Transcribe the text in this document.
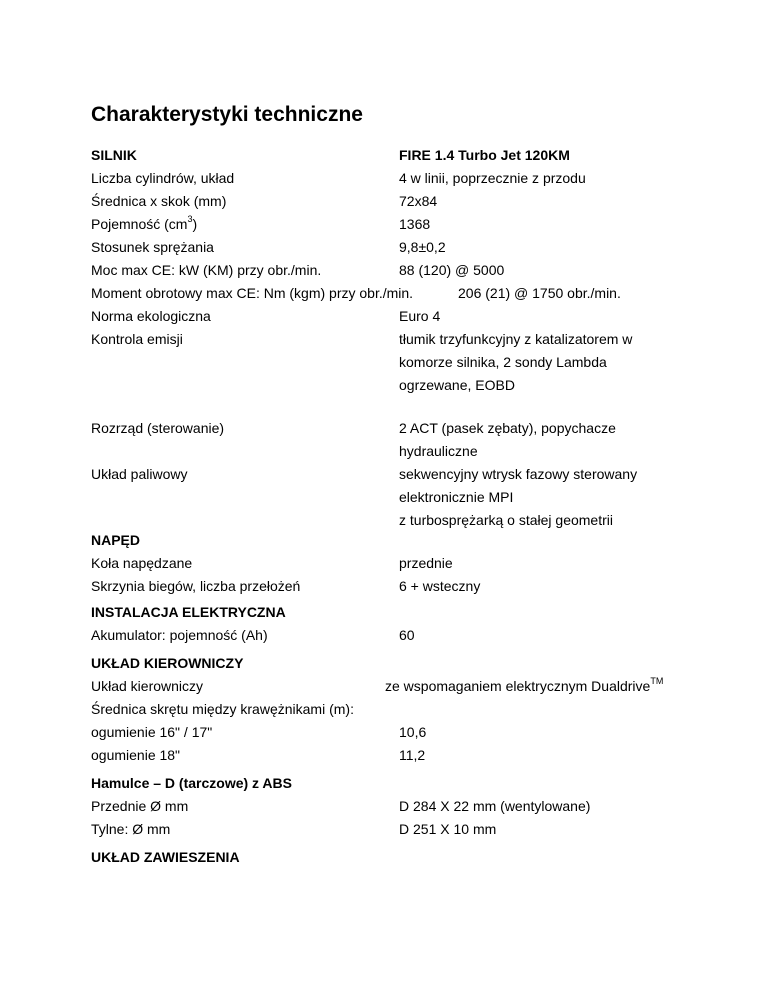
Charakterystyki techniczne
SILNIK	FIRE 1.4 Turbo Jet 120KM
Liczba cylindrów, układ	4 w linii, poprzecznie z przodu
Średnica x skok (mm)	72x84
Pojemność $(cm^3)$	1368
Stosunek sprężania	9,8±0,2
Moc max CE: kW (KM) przy obr./min.	88 (120) @ 5000
Moment obrotowy max CE: Nm (kgm) przy obr./min.	206 (21) @ 1750 obr./min.
Norma ekologiczna	Euro 4
Kontrola emisji	tłumik trzyfunkcyjny z katalizatorem w
komorze silnika, 2 sondy Lambda
ogrzewane, EOBD
Rozrząd (sterowanie)	2 ACT (pasek zębaty), popychacze
hydrauliczne
Układ paliwowy	sekwencyjny wtrysk fazowy sterowany
elektronicznie MPI
z turbosprężarką o stałej geometrii
NAPĘD
Koła napędzane	przednie
Skrzynia biegów, liczba przełożeń	6 + wsteczny
INSTALACJA ELEKTRYCZNA
Akumulator: pojemność (Ah)	60
UKŁAD KIEROWNICZY
Układ kierowniczy	ze wspomaganiem elektrycznym Dualdrive™
Średnica skrętu między krawężnikami (m):
ogumienie 16" / 17"	10,6
ogumienie 18"	11,2
Hamulce – D (tarczowe) z ABS
Przednie Ø mm	D 284 X 22 mm (wentylowane)
Tylne: Ø mm	D 251 X 10 mm
UKŁAD ZAWIESZENIA
